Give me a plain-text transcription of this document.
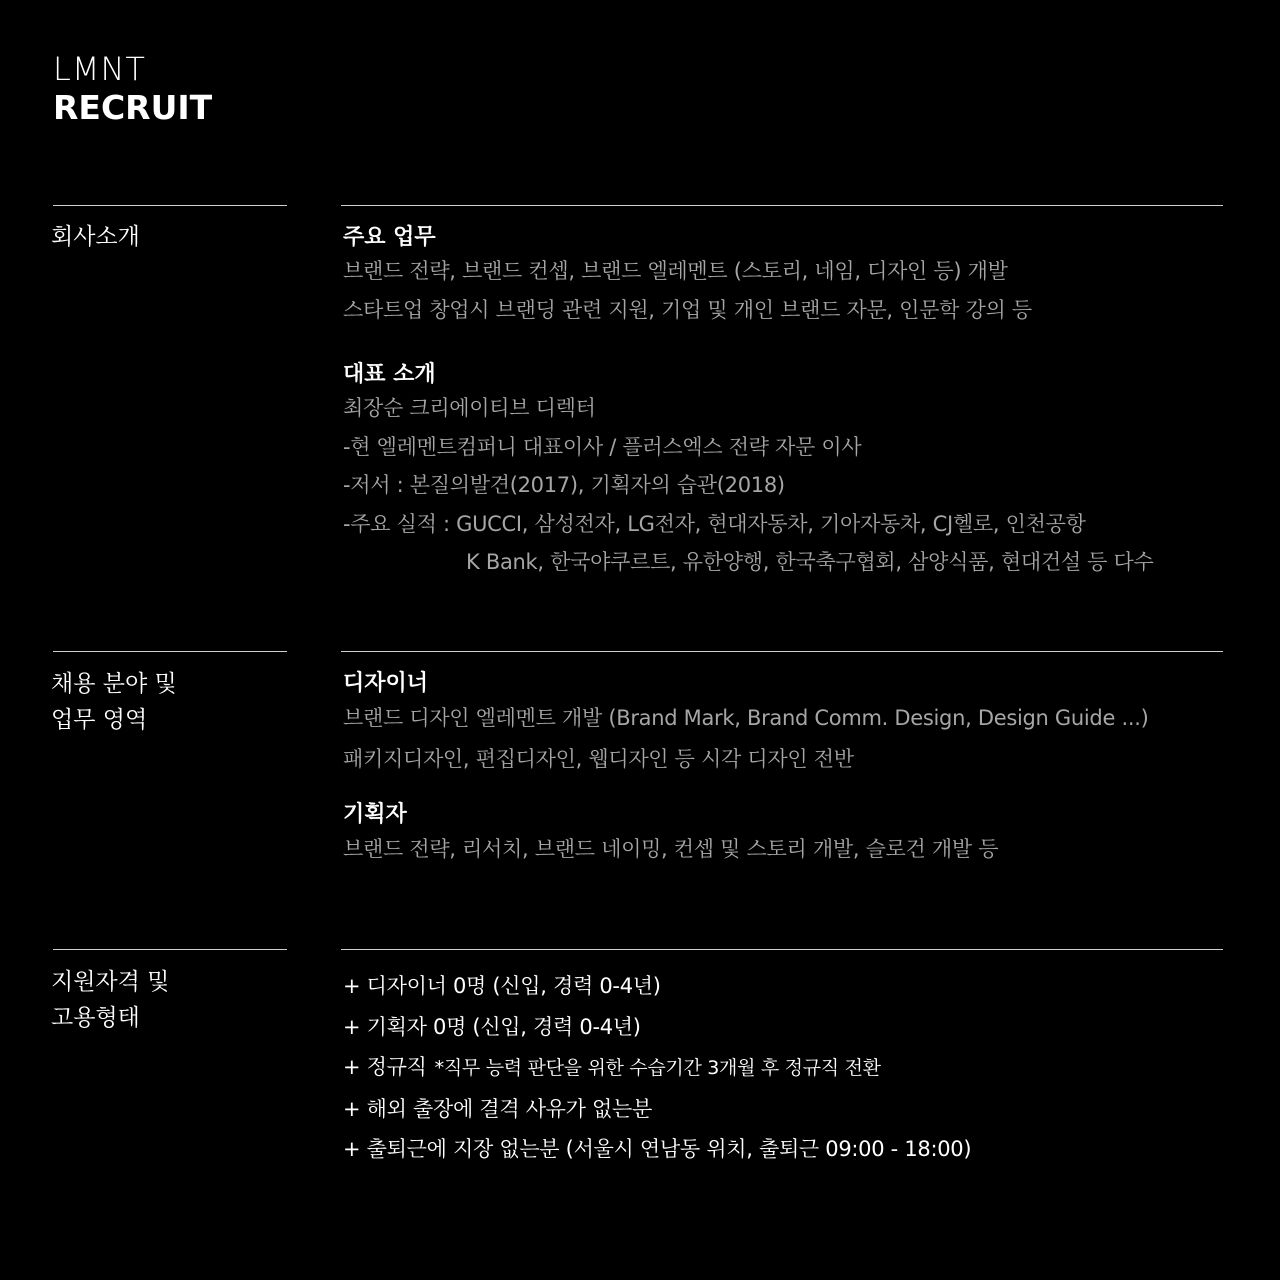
LMNT
RECRUIT
회사소개	주요 업무
브랜드 전략, 브랜드 컨셉, 브랜드 엘레멘트 (스토리, 네임, 디자인 등) 개발
스타트업 창업시 브랜딩 관련 지원, 기업 및 개인 브랜드 자문, 인문학 강의 등
대표 소개
최장순 크리에이티브 디렉터
-현 엘레멘트컴퍼니 대표이사 / 플러스엑스 전략 자문 이사
-저서 : 본질의발견(2017), 기획자의 습관(2018)
-주요 실적 : GUCCI, 삼성전자, LG전자, 현대자동차, 기아자동차, CJ헬로, 인천공항
K Bank, 한국야쿠르트, 유한양행, 한국축구협회, 삼양식품, 현대건설 등 다수
채용 분야 및
업무 영역
디자이너
브랜드 디자인 엘레멘트 개발 (Brand Mark, Brand Comm. Design, Design Guide ...)
패키지디자인, 편집디자인, 웹디자인 등 시각 디자인 전반
기획자
브랜드 전략, 리서치, 브랜드 네이밍, 컨셉 및 스토리 개발, 슬로건 개발 등
지원자격 및
고용형태
+ 디자이너 0명 (신입, 경력 0-4년)
+ 기획자 0명 (신입, 경력 0-4년)
+ 정규직 *직무 능력 판단을 위한 수습기간 3개월 후 정규직 전환
+ 해외 출장에 결격 사유가 없는분
+ 출퇴근에 지장 없는분 (서울시 연남동 위치, 출퇴근 09:00 - 18:00)
